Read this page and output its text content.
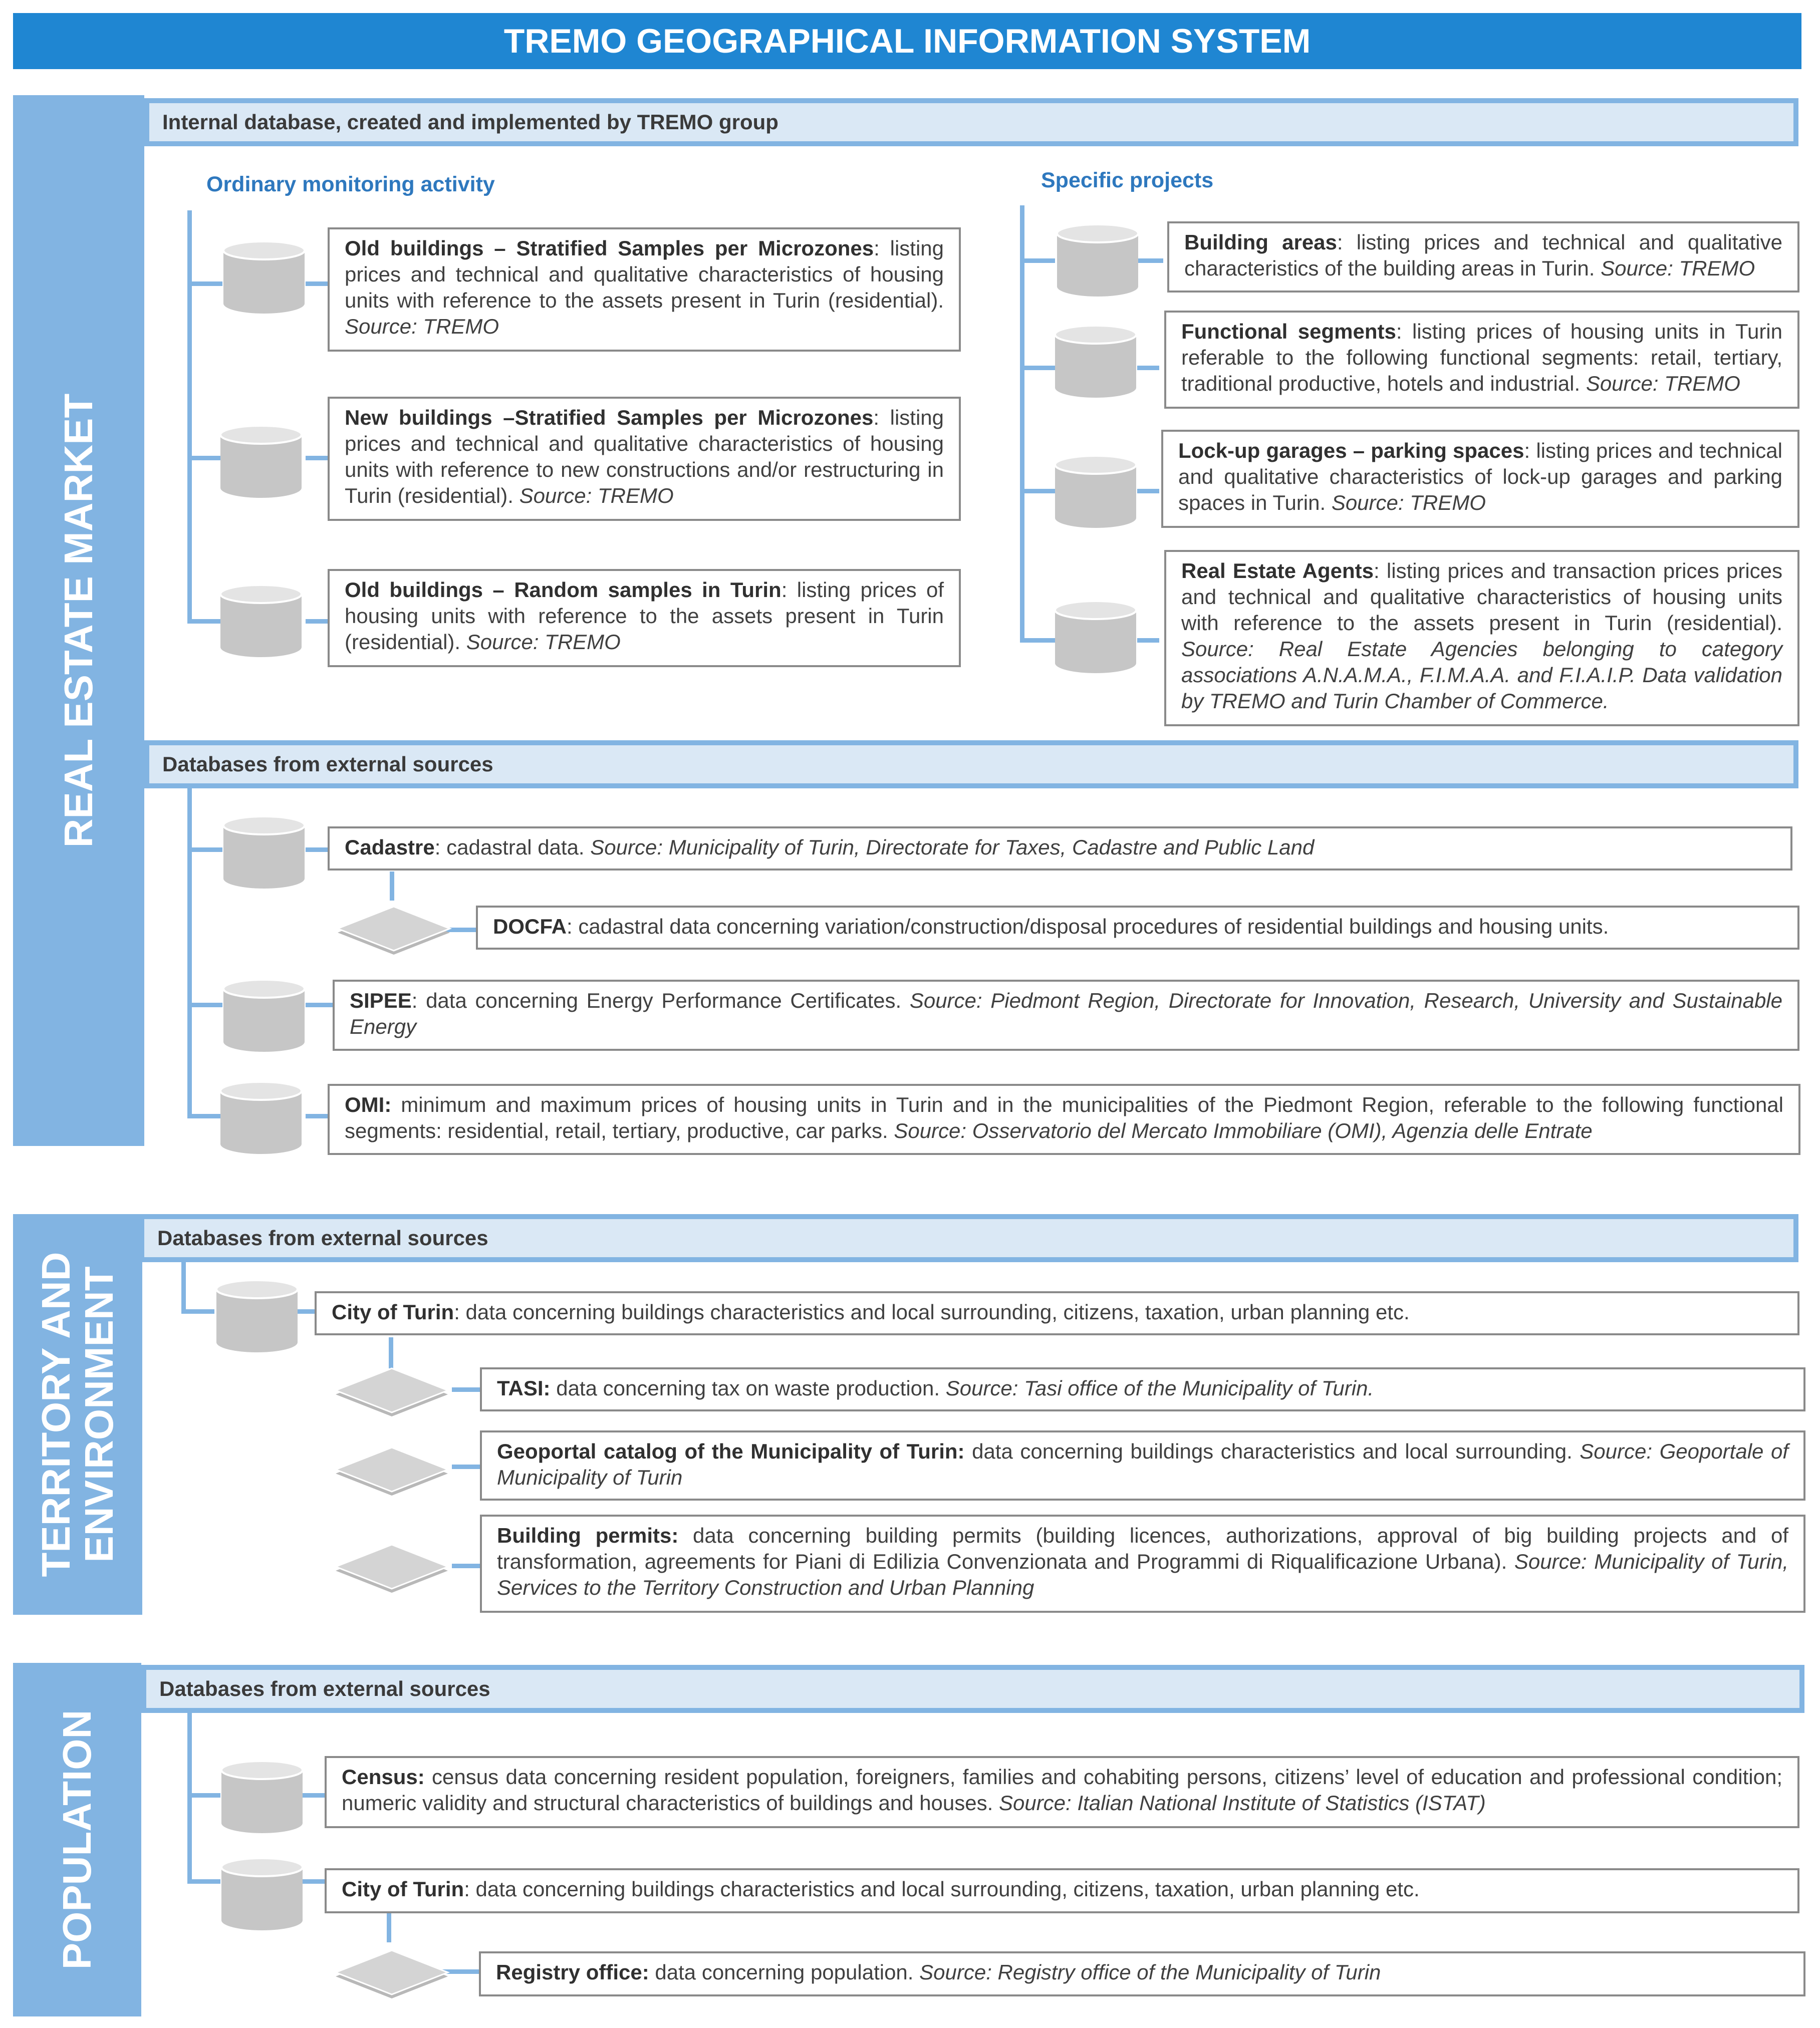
TREMO GEOGRAPHICAL INFORMATION SYSTEM
REAL ESTATE MARKET
Internal database, created and implemented by TREMO group
Ordinary monitoring activity	Specific projects
Old buildings – Stratified Samples per Microzones: listing prices and technical and qualitative characteristics of housing units with reference to the assets present in Turin (residential). Source: TREMO
New buildings –Stratified Samples per Microzones: listing prices and technical and qualitative characteristics of housing units with reference to new constructions and/or restructuring in Turin (residential). Source: TREMO
Old buildings – Random samples in Turin: listing prices of housing units with reference to the assets present in Turin (residential). Source: TREMO
Building areas: listing prices and technical and qualitative characteristics of the building areas in Turin. Source: TREMO
Functional segments: listing prices of housing units in Turin referable to the following functional segments: retail, tertiary, traditional productive, hotels and industrial. Source: TREMO
Lock-up garages – parking spaces: listing prices and technical and qualitative characteristics of lock-up garages and parking spaces in Turin. Source: TREMO
Real Estate Agents: listing prices and transaction prices prices and technical and qualitative characteristics of housing units with reference to the assets present in Turin (residential). Source: Real Estate Agencies belonging to category associations A.N.A.M.A., F.I.M.A.A. and F.I.A.I.P. Data validation by TREMO and Turin Chamber of Commerce.
Databases from external sources
Cadastre: cadastral data. Source: Municipality of Turin, Directorate for Taxes, Cadastre and Public Land
DOCFA: cadastral data concerning variation/construction/disposal procedures of residential buildings and housing units.
SIPEE: data concerning Energy Performance Certificates. Source: Piedmont Region, Directorate for Innovation, Research, University and Sustainable Energy
OMI: minimum and maximum prices of housing units in Turin and in the municipalities of the Piedmont Region, referable to the following functional segments: residential, retail, tertiary, productive, car parks. Source: Osservatorio del Mercato Immobiliare (OMI), Agenzia delle Entrate
TERRITORY AND
ENVIRONMENT
Databases from external sources
City of Turin: data concerning buildings characteristics and local surrounding, citizens, taxation, urban planning etc.
TASI: data concerning tax on waste production. Source: Tasi office of the Municipality of Turin.
Geoportal catalog of the Municipality of Turin: data concerning buildings characteristics and local surrounding. Source: Geoportale of Municipality of Turin
Building permits: data concerning building permits (building licences, authorizations, approval of big building projects and of transformation, agreements for Piani di Edilizia Convenzionata and Programmi di Riqualificazione Urbana). Source: Municipality of Turin, Services to the Territory Construction and Urban Planning
POPULATION
Databases from external sources
Census: census data concerning resident population, foreigners, families and cohabiting persons, citizens’ level of education and professional condition; numeric validity and structural characteristics of buildings and houses. Source: Italian National Institute of Statistics (ISTAT)
City of Turin: data concerning buildings characteristics and local surrounding, citizens, taxation, urban planning etc.
Registry office: data concerning population. Source: Registry office of the Municipality of Turin
